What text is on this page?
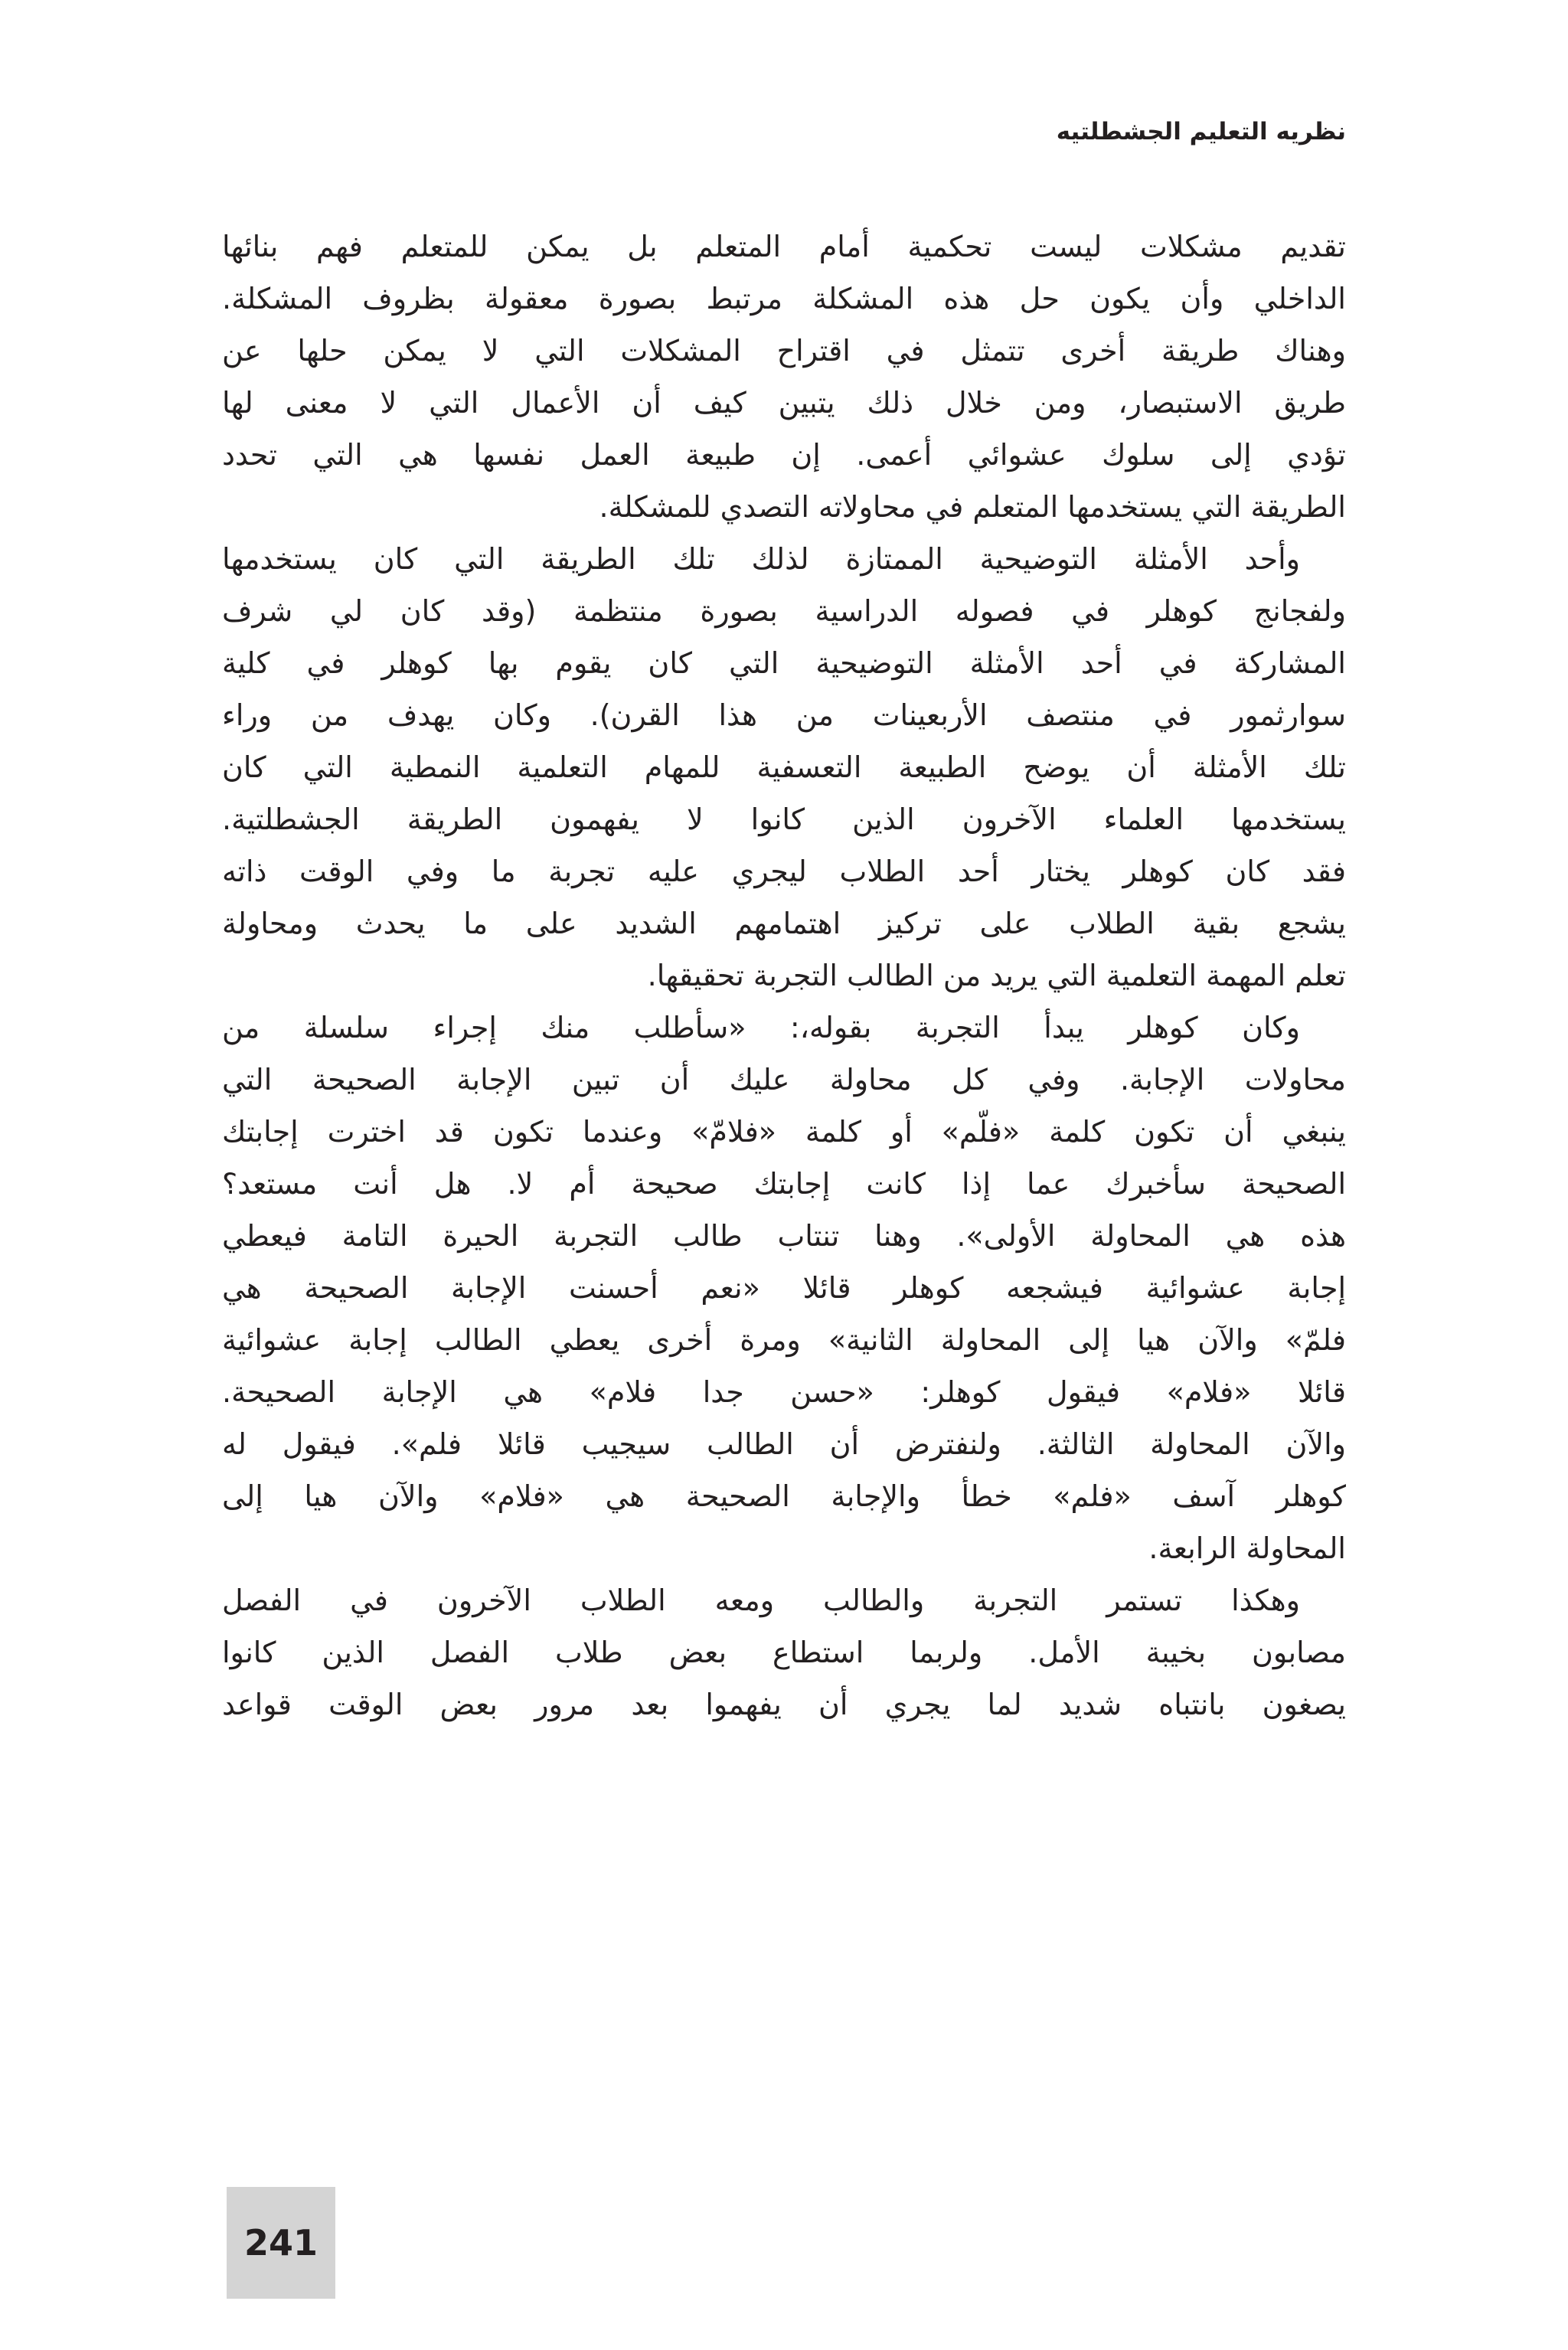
نظريه التعليم الجشطلتيه
تقديم مشكلات ليست تحكمية أمام المتعلم بل يمكن للمتعلم فهم بنائها
الداخلي وأن يكون حل هذه المشكلة مرتبط بصورة معقولة بظروف المشكلة.
وهناك طريقة أخرى تتمثل في اقتراح المشكلات التي لا يمكن حلها عن
طريق الاستبصار، ومن خلال ذلك يتبين كيف أن الأعمال التي لا معنى لها
تؤدي إلى سلوك عشوائي أعمى. إن طبيعة العمل نفسها هي التي تحدد
الطريقة التي يستخدمها المتعلم في محاولاته التصدي للمشكلة.
وأحد الأمثلة التوضيحية الممتازة لذلك تلك الطريقة التي كان يستخدمها
ولفجانج كوهلر في فصوله الدراسية بصورة منتظمة (وقد كان لي شرف
المشاركة في أحد الأمثلة التوضيحية التي كان يقوم بها كوهلر في كلية
سوارثمور في منتصف الأربعينات من هذا القرن). وكان يهدف من وراء
تلك الأمثلة أن يوضح الطبيعة التعسفية للمهام التعلمية النمطية التي كان
يستخدمها العلماء الآخرون الذين كانوا لا يفهمون الطريقة الجشطلتية.
فقد كان كوهلر يختار أحد الطلاب ليجري عليه تجربة ما وفي الوقت ذاته
يشجع بقية الطلاب على تركيز اهتمامهم الشديد على ما يحدث ومحاولة
تعلم المهمة التعلمية التي يريد من الطالب التجربة تحقيقها.
وكان كوهلر يبدأ التجربة بقوله،: «سأطلب منك إجراء سلسلة من
محاولات الإجابة. وفي كل محاولة عليك أن تبين الإجابة الصحيحة التي
ينبغي أن تكون كلمة «فلّم» أو كلمة «فلامّ» وعندما تكون قد اخترت إجابتك
الصحيحة سأخبرك عما إذا كانت إجابتك صحيحة أم لا. هل أنت مستعد؟
هذه هي المحاولة الأولى». وهنا تنتاب طالب التجربة الحيرة التامة فيعطي
إجابة عشوائية فيشجعه كوهلر قائلا «نعم أحسنت الإجابة الصحيحة هي
فلمّ» والآن هيا إلى المحاولة الثانية» ومرة أخرى يعطي الطالب إجابة عشوائية
قائلا «فلام» فيقول كوهلر: «حسن جدا فلام» هي الإجابة الصحيحة.
والآن المحاولة الثالثة. ولنفترض أن الطالب سيجيب قائلا فلم». فيقول له
كوهلر آسف «فلم» خطأ والإجابة الصحيحة هي «فلام» والآن هيا إلى
المحاولة الرابعة.
وهكذا تستمر التجربة والطالب ومعه الطلاب الآخرون في الفصل
مصابون بخيبة الأمل. ولربما استطاع بعض طلاب الفصل الذين كانوا
يصغون بانتباه شديد لما يجري أن يفهموا بعد مرور بعض الوقت قواعد
241
